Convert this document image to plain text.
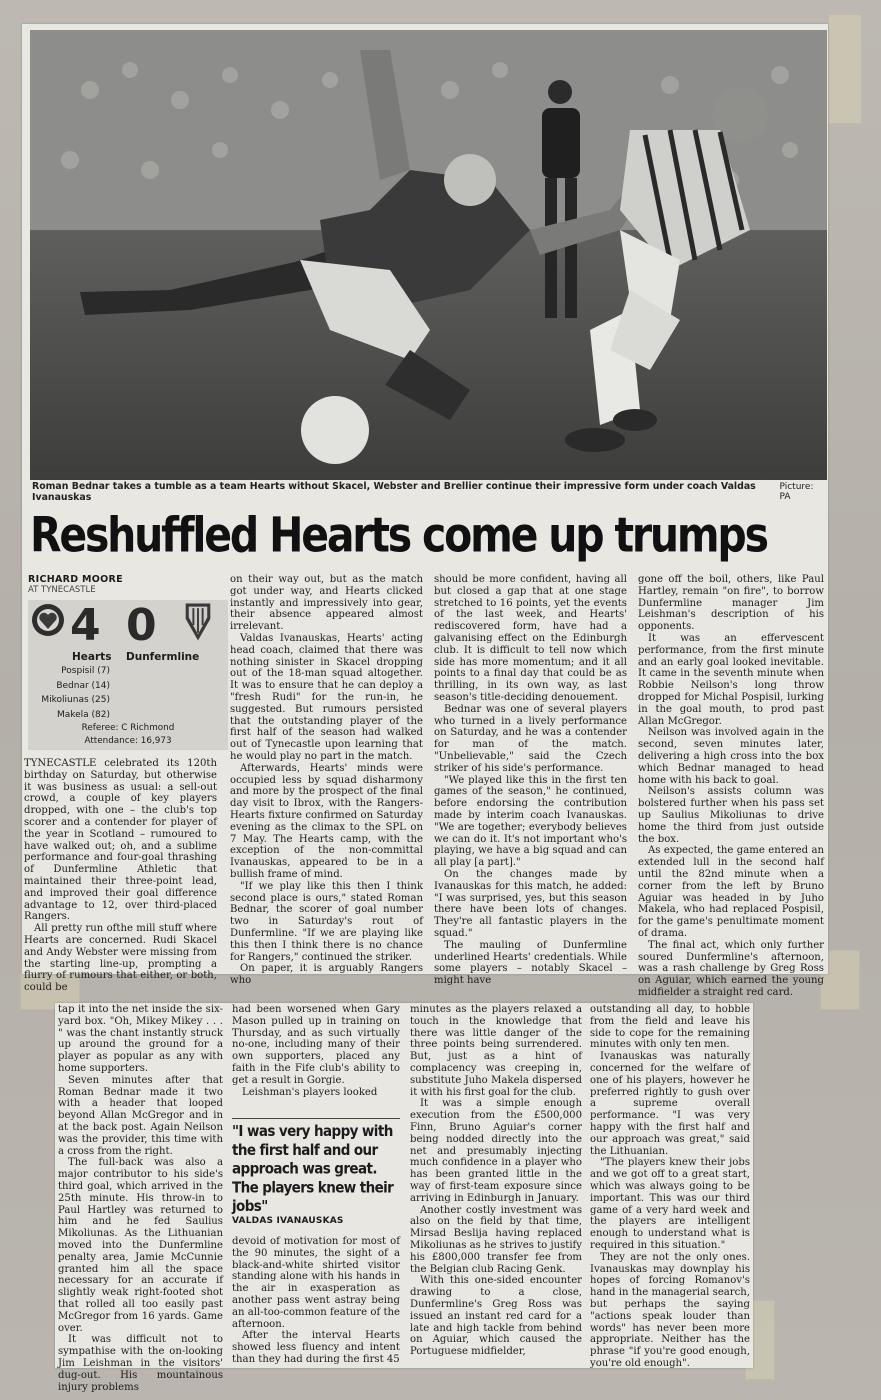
Roman Bednar takes a tumble as a team Hearts without Skacel, Webster and Brellier continue their impressive form under coach Valdas Ivanauskas
Picture: PA
Reshuffled Hearts come up trumps
RICHARD MOORE
AT TYNECASTLE
4 0
Hearts Dunfermline
Pospisil (7)
Bednar (14)
Mikoliunas (25)
Makela (82)
Referee: C Richmond
Attendance: 16,973

TYNECASTLE celebrated its 120th birthday on Saturday, but otherwise it was business as usual: a sell-out crowd, a couple of key players dropped, with one – the club's top scorer and a contender for player of the year in Scotland – rumoured to have walked out; oh, and a sublime performance and four-goal thrashing of Dunfermline Athletic that maintained their three-point lead, and improved their goal difference advantage to 12, over third-placed Rangers.

All pretty run ofthe mill stuff where Hearts are concerned. Rudi Skacel and Andy Webster were missing from the starting line-up, prompting a flurry of rumours that either, or both, could be

on their way out, but as the match got under way, and Hearts clicked instantly and impressively into gear, their absence appeared almost irrelevant.

Valdas Ivanauskas, Hearts' acting head coach, claimed that there was nothing sinister in Skacel dropping out of the 18-man squad altogether. It was to ensure that he can deploy a "fresh Rudi" for the run-in, he suggested. But rumours persisted that the outstanding player of the first half of the season had walked out of Tynecastle upon learning that he would play no part in the match.

Afterwards, Hearts' minds were occupied less by squad disharmony and more by the prospect of the final day visit to Ibrox, with the Rangers-Hearts fixture confirmed on Saturday evening as the climax to the SPL on 7 May. The Hearts camp, with the exception of the non-committal Ivanauskas, appeared to be in a bullish frame of mind.

"If we play like this then I think second place is ours," stated Roman Bednar, the scorer of goal number two in Saturday's rout of Dunfermline. "If we are playing like this then I think there is no chance for Rangers," continued the striker.

On paper, it is arguably Rangers who

should be more confident, having all but closed a gap that at one stage stretched to 16 points, yet the events of the last week, and Hearts' rediscovered form, have had a galvanising effect on the Edinburgh club. It is difficult to tell now which side has more momentum; and it all points to a final day that could be as thrilling, in its own way, as last season's title-deciding denouement.

Bednar was one of several players who turned in a lively performance on Saturday, and he was a contender for man of the match. "Unbelievable," said the Czech striker of his side's performance.

"We played like this in the first ten games of the season," he continued, before endorsing the contribution made by interim coach Ivanauskas. "We are together; everybody believes we can do it. It's not important who's playing, we have a big squad and can all play [a part]."

On the changes made by Ivanauskas for this match, he added: "I was surprised, yes, but this season there have been lots of changes. They're all fantastic players in the squad."

The mauling of Dunfermline underlined Hearts' credentials. While some players – notably Skacel – might have

gone off the boil, others, like Paul Hartley, remain "on fire", to borrow Dunfermline manager Jim Leishman's description of his opponents.

It was an effervescent performance, from the first minute and an early goal looked inevitable. It came in the seventh minute when Robbie Neilson's long throw dropped for Michal Pospisil, lurking in the goal mouth, to prod past Allan McGregor.

Neilson was involved again in the second, seven minutes later, delivering a high cross into the box which Bednar managed to head home with his back to goal.

Neilson's assists column was bolstered further when his pass set up Saulius Mikoliunas to drive home the third from just outside the box.

As expected, the game entered an extended lull in the second half until the 82nd minute when a corner from the left by Bruno Aguiar was headed in by Juho Makela, who had replaced Pospisil, for the game's penultimate moment of drama.

The final act, which only further soured Dunfermline's afternoon, was a rash challenge by Greg Ross on Aguiar, which earned the young midfielder a straight red card.

tap it into the net inside the six-yard box. "Oh, Mikey Mikey . . . " was the chant instantly struck up around the ground for a player as popular as any with home supporters.

Seven minutes after that Roman Bednar made it two with a header that looped beyond Allan McGregor and in at the back post. Again Neilson was the provider, this time with a cross from the right.

The full-back was also a major contributor to his side's third goal, which arrived in the 25th minute. His throw-in to Paul Hartley was returned to him and he fed Saulius Mikoliunas. As the Lithuanian moved into the Dunfermline penalty area, Jamie McCunnie granted him all the space necessary for an accurate if slightly weak right-footed shot that rolled all too easily past McGregor from 16 yards. Game over.

It was difficult not to sympathise with the on-looking Jim Leishman in the visitors' dug-out. His mountainous injury problems

had been worsened when Gary Mason pulled up in training on Thursday, and as such virtually no-one, including many of their own supporters, placed any faith in the Fife club's ability to get a result in Gorgie.

Leishman's players looked

"I was very happy with the first half and our approach was great. The players knew their jobs"
VALDAS IVANAUSKAS

devoid of motivation for most of the 90 minutes, the sight of a black-and-white shirted visitor standing alone with his hands in the air in exasperation as another pass went astray being an all-too-common feature of the afternoon.

After the interval Hearts showed less fluency and intent than they had during the first 45

minutes as the players relaxed a touch in the knowledge that there was little danger of the three points being surrendered. But, just as a hint of complacency was creeping in, substitute Juho Makela dispersed it with his first goal for the club.

It was a simple enough execution from the £500,000 Finn, Bruno Aguiar's corner being nodded directly into the net and presumably injecting much confidence in a player who has been granted little in the way of first-team exposure since arriving in Edinburgh in January.

Another costly investment was also on the field by that time, Mirsad Beslija having replaced Mikoliunas as he strives to justify his £800,000 transfer fee from the Belgian club Racing Genk.

With this one-sided encounter drawing to a close, Dunfermline's Greg Ross was issued an instant red card for a late and high tackle from behind on Aguiar, which caused the Portuguese midfielder,

outstanding all day, to hobble from the field and leave his side to cope for the remaining minutes with only ten men.

Ivanauskas was naturally concerned for the welfare of one of his players, however he preferred rightly to gush over a supreme overall performance. "I was very happy with the first half and our approach was great," said the Lithuanian.

"The players knew their jobs and we got off to a great start, which was always going to be important. This was our third game of a very hard week and the players are intelligent enough to understand what is required in this situation."

They are not the only ones. Ivanauskas may downplay his hopes of forcing Romanov's hand in the managerial search, but perhaps the saying "actions speak louder than words" has never been more appropriate. Neither has the phrase "if you're good enough, you're old enough".
